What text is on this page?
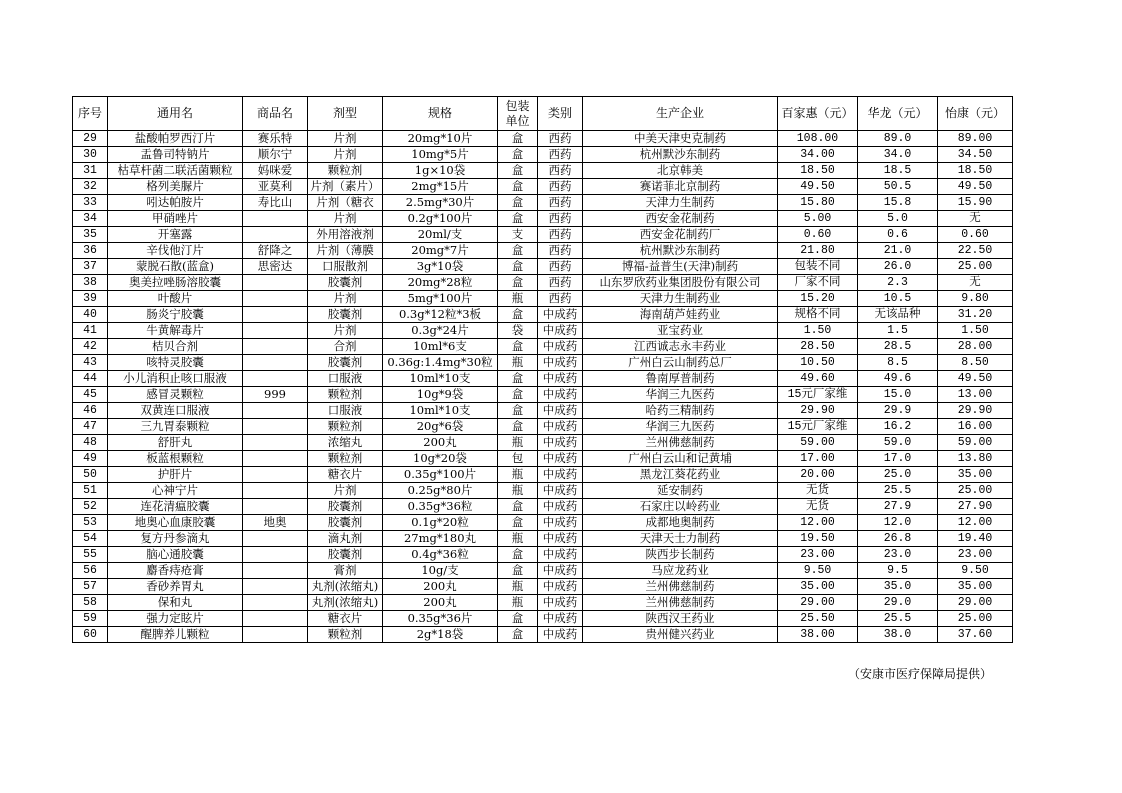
序号	通用名	商品名	剂型	规格	包装单位	类别	生产企业	百家惠（元）	华龙（元）	怡康（元）
29	盐酸帕罗西汀片	赛乐特	片剂	20mg*10片	盒	西药	中美天津史克制药	108.00	89.0	89.00
30	盂鲁司特钠片	顺尔宁	片剂	10mg*5片	盒	西药	杭州默沙东制药	34.00	34.0	34.50
31	枯草杆菌二联活菌颗粒	妈咪爱	颗粒剂	1g×10袋	盒	西药	北京韩美	18.50	18.5	18.50
32	格列美脲片	亚莫利	片剂（素片）	2mg*15片	盒	西药	赛诺菲北京制药	49.50	50.5	49.50
33	吲达帕胺片	寿比山	片剂（糖衣	2.5mg*30片	盒	西药	天津力生制药	15.80	15.8	15.90
34	甲硝唑片		片剂	0.2g*100片	盒	西药	西安金花制药	5.00	5.0	无
35	开塞露		外用溶液剂	20ml/支	支	西药	西安金花制药厂	0.60	0.6	0.60
36	辛伐他汀片	舒降之	片剂（薄膜	20mg*7片	盒	西药	杭州默沙东制药	21.80	21.0	22.50
37	蒙脱石散(蓝盒)	思密达	口服散剂	3g*10袋	盒	西药	博福-益普生(天津)制药	包装不同	26.0	25.00
38	奥美拉唑肠溶胶囊		胶囊剂	20mg*28粒	盒	西药	山东罗欣药业集团股份有限公司	厂家不同	2.3	无
39	叶酸片		片剂	5mg*100片	瓶	西药	天津力生制药业	15.20	10.5	9.80
40	肠炎宁胶囊		胶囊剂	0.3g*12粒*3板	盒	中成药	海南葫芦娃药业	规格不同	无该品种	31.20
41	牛黄解毒片		片剂	0.3g*24片	袋	中成药	亚宝药业	1.50	1.5	1.50
42	桔贝合剂		合剂	10ml*6支	盒	中成药	江西诚志永丰药业	28.50	28.5	28.00
43	咳特灵胶囊		胶囊剂	0.36g:1.4mg*30粒	瓶	中成药	广州白云山制药总厂	10.50	8.5	8.50
44	小儿消积止咳口服液		口服液	10ml*10支	盒	中成药	鲁南厚普制药	49.60	49.6	49.50
45	感冒灵颗粒	999	颗粒剂	10g*9袋	盒	中成药	华润三九医药	15元厂家维	15.0	13.00
46	双黄连口服液		口服液	10ml*10支	盒	中成药	哈药三精制药	29.90	29.9	29.90
47	三九胃泰颗粒		颗粒剂	20g*6袋	盒	中成药	华润三九医药	15元厂家维	16.2	16.00
48	舒肝丸		浓缩丸	200丸	瓶	中成药	兰州佛慈制药	59.00	59.0	59.00
49	板蓝根颗粒		颗粒剂	10g*20袋	包	中成药	广州白云山和记黄埔	17.00	17.0	13.80
50	护肝片		糖衣片	0.35g*100片	瓶	中成药	黑龙江葵花药业	20.00	25.0	35.00
51	心神宁片		片剂	0.25g*80片	瓶	中成药	延安制药	无货	25.5	25.00
52	连花清瘟胶囊		胶囊剂	0.35g*36粒	盒	中成药	石家庄以岭药业	无货	27.9	27.90
53	地奥心血康胶囊	地奥	胶囊剂	0.1g*20粒	盒	中成药	成都地奥制药	12.00	12.0	12.00
54	复方丹参滴丸		滴丸剂	27mg*180丸	瓶	中成药	天津天士力制药	19.50	26.8	19.40
55	脑心通胶囊		胶囊剂	0.4g*36粒	盒	中成药	陕西步长制药	23.00	23.0	23.00
56	麝香痔疮膏		膏剂	10g/支	盒	中成药	马应龙药业	9.50	9.5	9.50
57	香砂养胃丸		丸剂(浓缩丸)	200丸	瓶	中成药	兰州佛慈制药	35.00	35.0	35.00
58	保和丸		丸剂(浓缩丸)	200丸	瓶	中成药	兰州佛慈制药	29.00	29.0	29.00
59	强力定眩片		糖衣片	0.35g*36片	盒	中成药	陕西汉王药业	25.50	25.5	25.00
60	醒脾养儿颗粒		颗粒剂	2g*18袋	盒	中成药	贵州健兴药业	38.00	38.0	37.60
（安康市医疗保障局提供）
